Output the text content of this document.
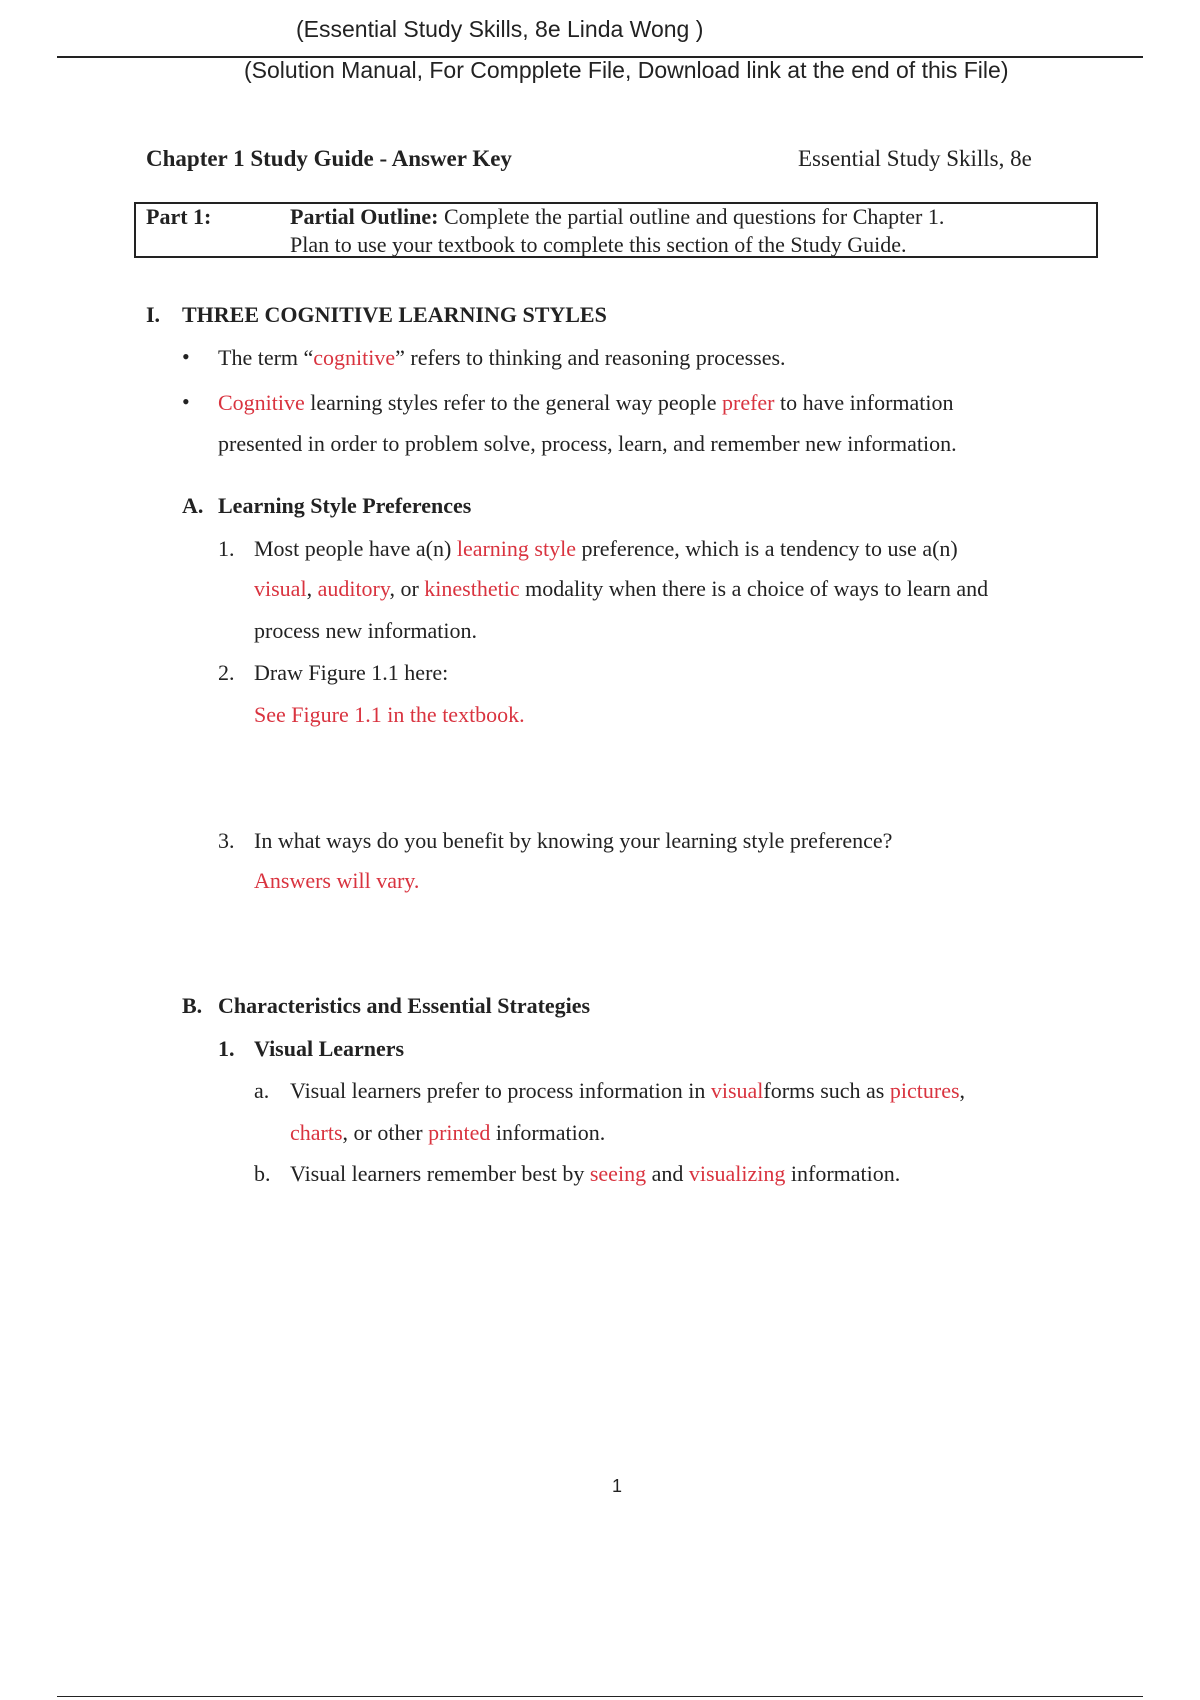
(Essential Study Skills, 8e Linda Wong )
(Solution Manual, For Compplete File, Download link at the end of this File)
Chapter 1 Study Guide - Answer Key	Essential Study Skills, 8e
Part 1:	Partial Outline: Complete the partial outline and questions for Chapter 1.
Plan to use your textbook to complete this section of the Study Guide.
I. THREE COGNITIVE LEARNING STYLES
• The term “cognitive” refers to thinking and reasoning processes.
• Cognitive learning styles refer to the general way people prefer to have information
presented in order to problem solve, process, learn, and remember new information.
A. Learning Style Preferences
1. Most people have a(n) learning style preference, which is a tendency to use a(n)
visual, auditory, or kinesthetic modality when there is a choice of ways to learn and
process new information.
2. Draw Figure 1.1 here:
See Figure 1.1 in the textbook.
3. In what ways do you benefit by knowing your learning style preference?
Answers will vary.
B. Characteristics and Essential Strategies
1. Visual Learners
a. Visual learners prefer to process information in visualforms such as pictures,
charts, or other printed information.
b. Visual learners remember best by seeing and visualizing information.
1
